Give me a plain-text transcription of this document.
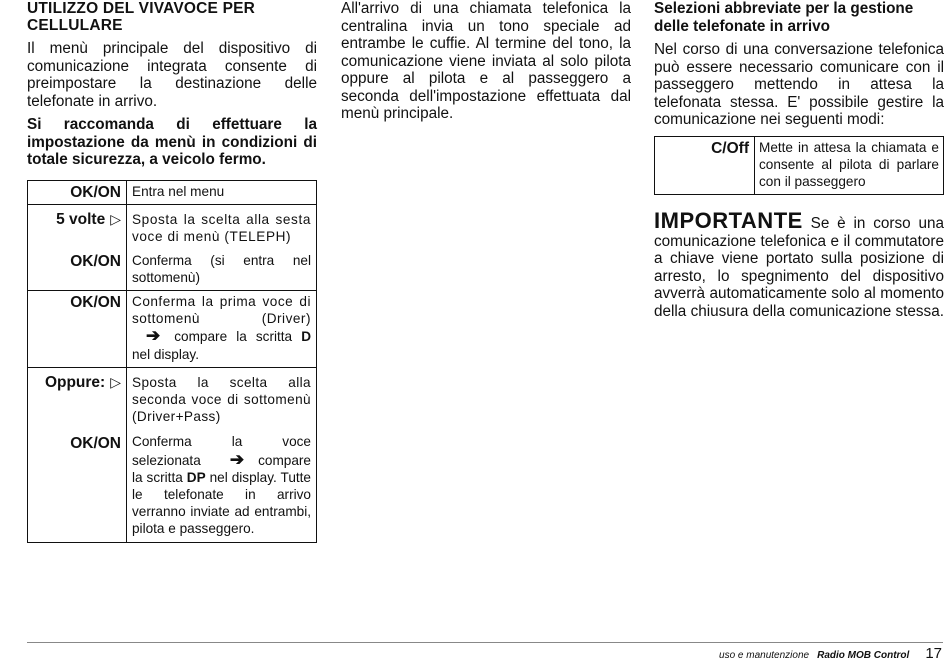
UTILIZZO DEL VIVAVOCE PER CELLULARE

Il menù principale del dispositivo di comunicazione integrata consente di preimpostare la destinazione delle telefonate in arrivo.

Si raccomanda di effettuare la impostazione da menù in condizioni di totale sicurezza, a veicolo fermo.

OK/ON	Entra nel menu
5 volte ▷	Sposta la scelta alla sesta voce di menù (TELEPH)
OK/ON	Conferma (si entra nel sottomenù)
OK/ON	Conferma la prima voce di sottomenù (Driver) ➔ compare la scritta D nel display.
Oppure: ▷	Sposta la scelta alla seconda voce di sottomenù (Driver+Pass)
OK/ON	Conferma la voce selezionata ➔ compare la scritta DP nel display. Tutte le telefonate in arrivo verranno inviate ad entrambi, pilota e passeggero.

All'arrivo di una chiamata telefonica la centralina invia un tono speciale ad entrambe le cuffie. Al termine del tono, la comunicazione viene inviata al solo pilota oppure al pilota e al passeggero a seconda dell'impostazione effettuata dal menù principale.

Selezioni abbreviate per la gestione delle telefonate in arrivo

Nel corso di una conversazione telefonica può essere necessario comunicare con il passeggero mettendo in attesa la telefonata stessa. E' possibile gestire la comunicazione nei seguenti modi:

C/Off	Mette in attesa la chiamata e consente al pilota di parlare con il passeggero

IMPORTANTE Se è in corso una comunicazione telefonica e il commutatore a chiave viene portato sulla posizione di arresto, lo spegnimento del dispositivo avverrà automaticamente solo al momento della chiusura della comunicazione stessa.

uso e manutenzione Radio MOB Control 17
